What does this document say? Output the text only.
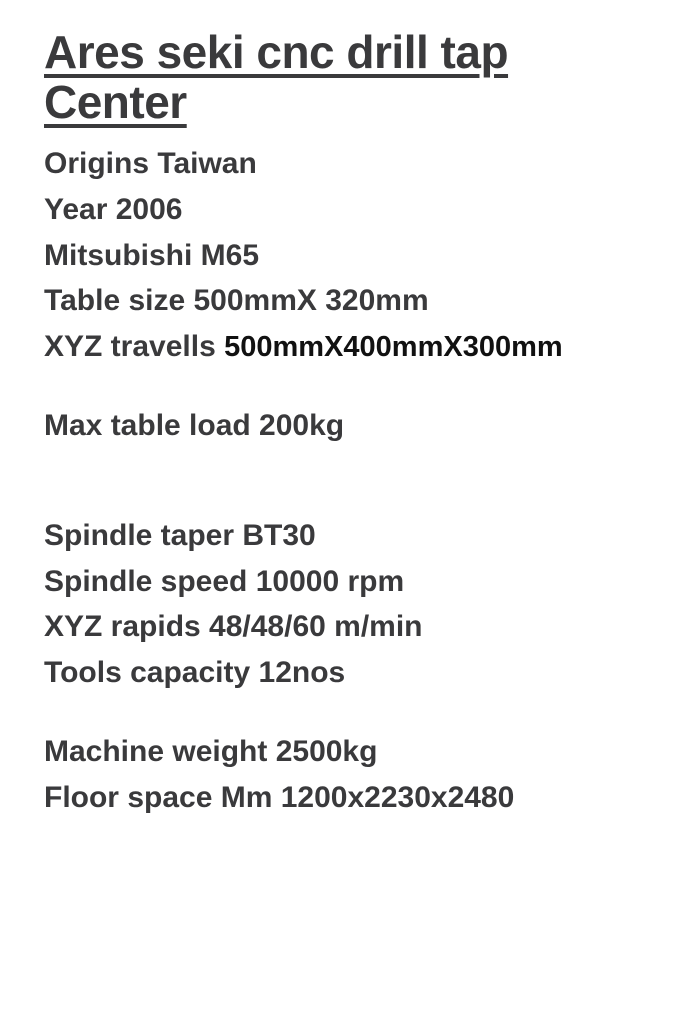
Ares seki cnc drill tap Center
Origins Taiwan
Year 2006
Mitsubishi M65
Table size 500mmX 320mm
XYZ travells 500mmX400mmX300mm
Max table load 200kg
Spindle taper BT30
Spindle speed 10000 rpm
XYZ rapids 48/48/60 m/min
Tools capacity 12nos
Machine weight 2500kg
Floor space Mm 1200x2230x2480
